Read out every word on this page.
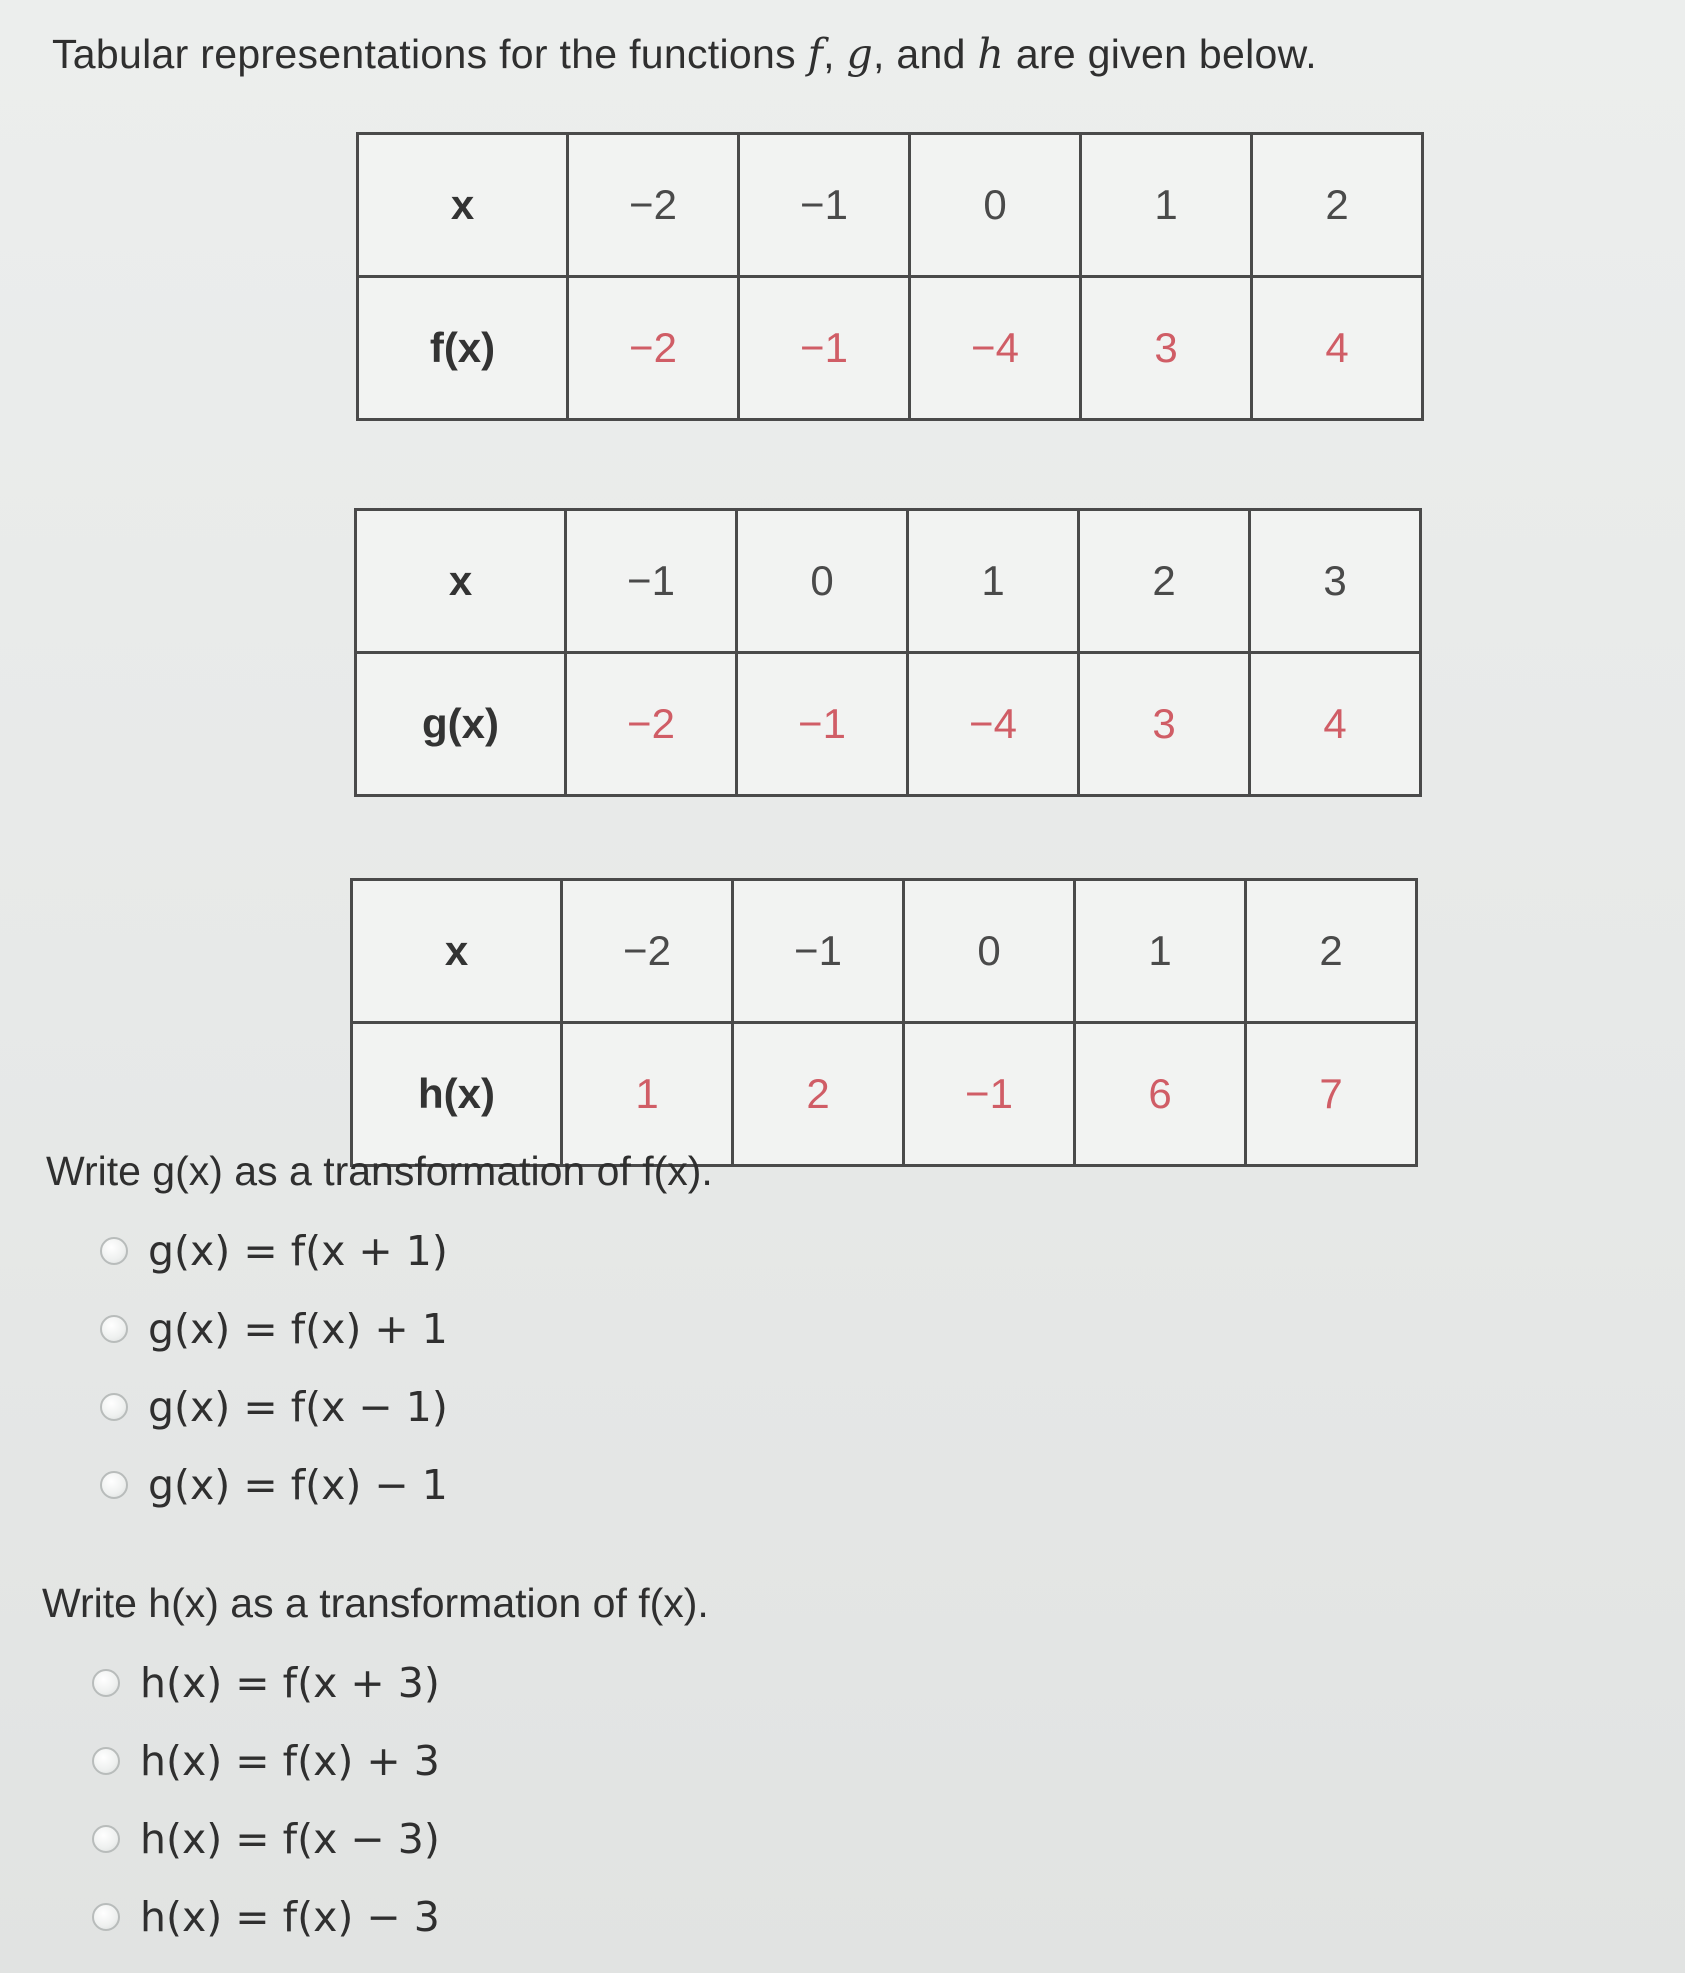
Tabular representations for the functions f, g, and h are given below.
x	−2	−1	0	1	2
f(x)	−2	−1	−4	3	4
x	−1	0	1	2	3
g(x)	−2	−1	−4	3	4
x	−2	−1	0	1	2
h(x)	1	2	−1	6	7
Write g(x) as a transformation of f(x).
g(x) = f(x + 1)
g(x) = f(x) + 1
g(x) = f(x − 1)
g(x) = f(x) − 1
Write h(x) as a transformation of f(x).
h(x) = f(x + 3)
h(x) = f(x) + 3
h(x) = f(x − 3)
h(x) = f(x) − 3
